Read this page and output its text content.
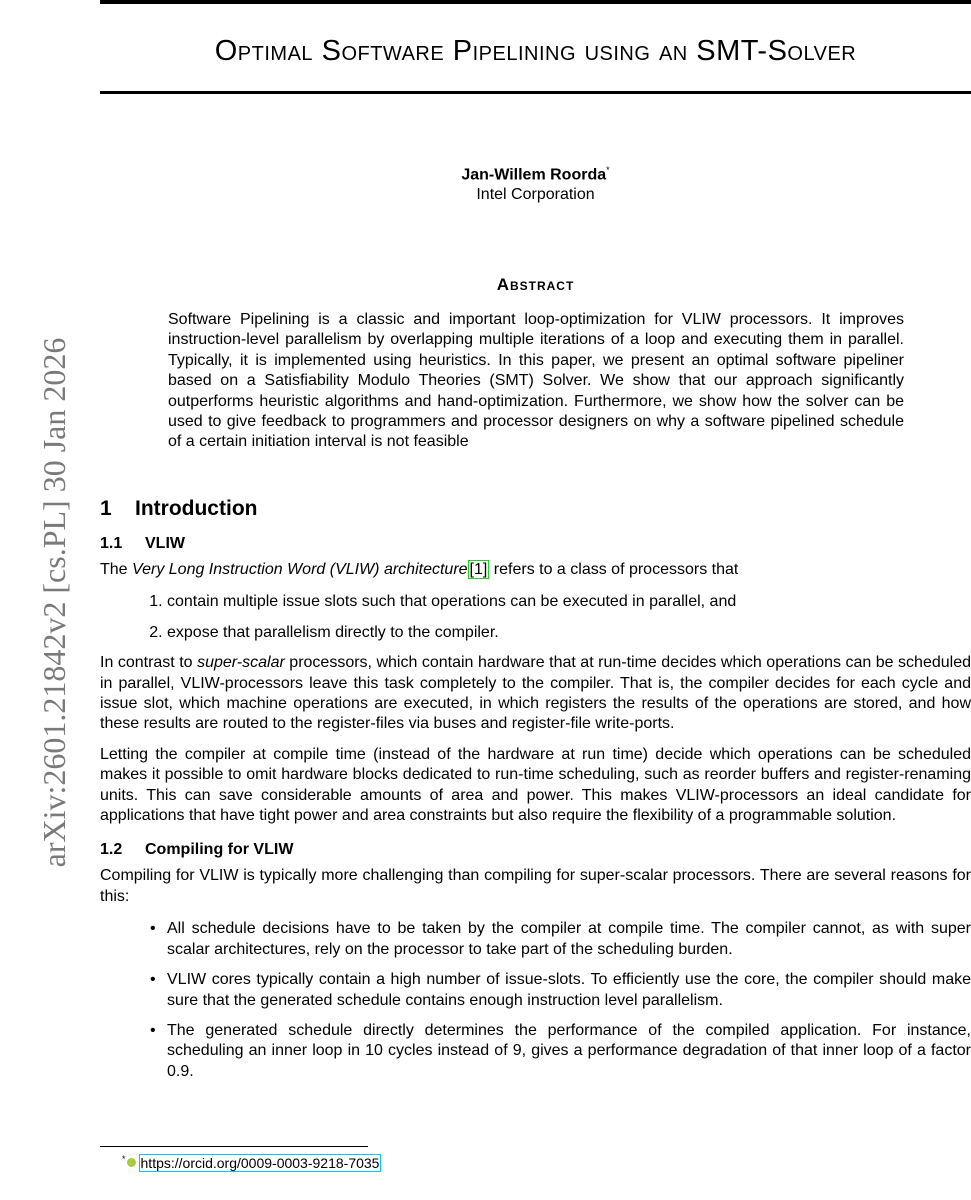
arXiv:2601.21842v2 [cs.PL] 30 Jan 2026
Optimal Software Pipelining using an SMT-Solver
Jan-Willem Roorda*
Intel Corporation
Abstract
Software Pipelining is a classic and important loop-optimization for VLIW processors. It improves instruction-level parallelism by overlapping multiple iterations of a loop and executing them in parallel. Typically, it is implemented using heuristics. In this paper, we present an optimal software pipeliner based on a Satisfiability Modulo Theories (SMT) Solver. We show that our approach significantly outperforms heuristic algorithms and hand-optimization. Furthermore, we show how the solver can be used to give feedback to programmers and processor designers on why a software pipelined schedule of a certain initiation interval is not feasible
1 Introduction
1.1 VLIW

The Very Long Instruction Word (VLIW) architecture [1] refers to a class of processors that

1. contain multiple issue slots such that operations can be executed in parallel, and
2. expose that parallelism directly to the compiler.

In contrast to super-scalar processors, which contain hardware that at run-time decides which operations can be scheduled in parallel, VLIW-processors leave this task completely to the compiler. That is, the compiler decides for each cycle and issue slot, which machine operations are executed, in which registers the results of the operations are stored, and how these results are routed to the register-files via buses and register-file write-ports.

Letting the compiler at compile time (instead of the hardware at run time) decide which operations can be scheduled makes it possible to omit hardware blocks dedicated to run-time scheduling, such as reorder buffers and register-renaming units. This can save considerable amounts of area and power. This makes VLIW-processors an ideal candidate for applications that have tight power and area constraints but also require the flexibility of a programmable solution.

1.2 Compiling for VLIW

Compiling for VLIW is typically more challenging than compiling for super-scalar processors. There are several reasons for this:

• All schedule decisions have to be taken by the compiler at compile time. The compiler cannot, as with super scalar architectures, rely on the processor to take part of the scheduling burden.
• VLIW cores typically contain a high number of issue-slots. To efficiently use the core, the compiler should make sure that the generated schedule contains enough instruction level parallelism.
• The generated schedule directly determines the performance of the compiled application. For instance, scheduling an inner loop in 10 cycles instead of 9, gives a performance degradation of that inner loop of a factor 0.9.
* https://orcid.org/0009-0003-9218-7035
